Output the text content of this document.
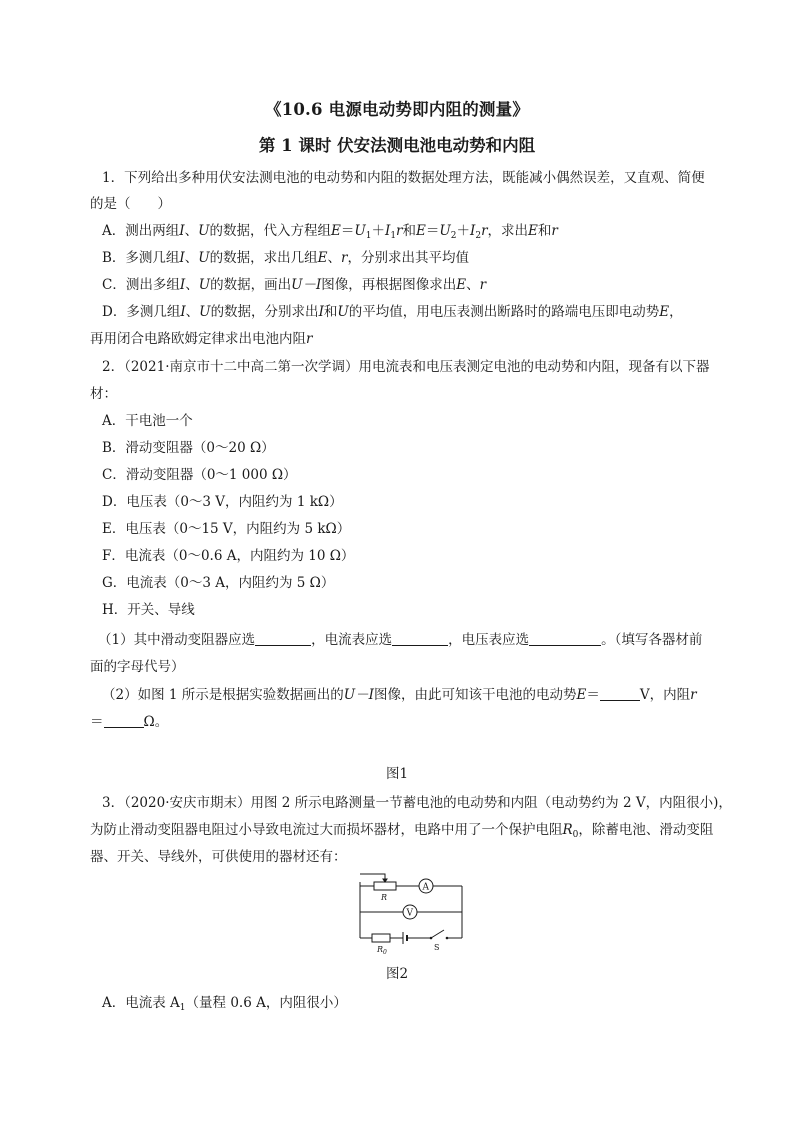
《10.6 电源电动势即内阻的测量》
第 1 课时 伏安法测电池电动势和内阻
1．下列给出多种用伏安法测电池的电动势和内阻的数据处理方法，既能减小偶然误差，又直观、简便
的是（　　）
A．测出两组I、U的数据，代入方程组$E=U_1+I_1r$和$E=U_2+I_2r$，求出E和r
B．多测几组I、U的数据，求出几组E、r，分别求出其平均值
C．测出多组I、U的数据，画出U－I图像，再根据图像求出E、r
D．多测几组I、U的数据，分别求出I和U的平均值，用电压表测出断路时的路端电压即电动势E，
再用闭合电路欧姆定律求出电池内阻r
2．（2021·南京市十二中高二第一次学调）用电流表和电压表测定电池的电动势和内阻，现备有以下器
材：
A．干电池一个
B．滑动变阻器（0～20 Ω）
C．滑动变阻器（0～1 000 Ω）
D．电压表（0～3 V，内阻约为 1 kΩ）
E．电压表（0～15 V，内阻约为 5 kΩ）
F．电流表（0～0.6 A，内阻约为 10 Ω）
G．电流表（0～3 A，内阻约为 5 Ω）
H．开关、导线
（1）其中滑动变阻器应选	，电流表应选	，电压表应选	。（填写各器材前
面的字母代号）
（2）如图 1 所示是根据实验数据画出的U－I图像，由此可知该干电池的电动势E＝	V，内阻r
＝	Ω。
图1
3．（2020·安庆市期末）用图 2 所示电路测量一节蓄电池的电动势和内阻（电动势约为 2 V，内阻很小)，
为防止滑动变阻器电阻过小导致电流过大而损坏器材，电路中用了一个保护电阻$R_0$，除蓄电池、滑动变阻
器、开关、导线外，可供使用的器材还有：
A
V
R
$R_0$
S
图2
A．电流表 $A_1$（量程 0.6 A，内阻很小）
